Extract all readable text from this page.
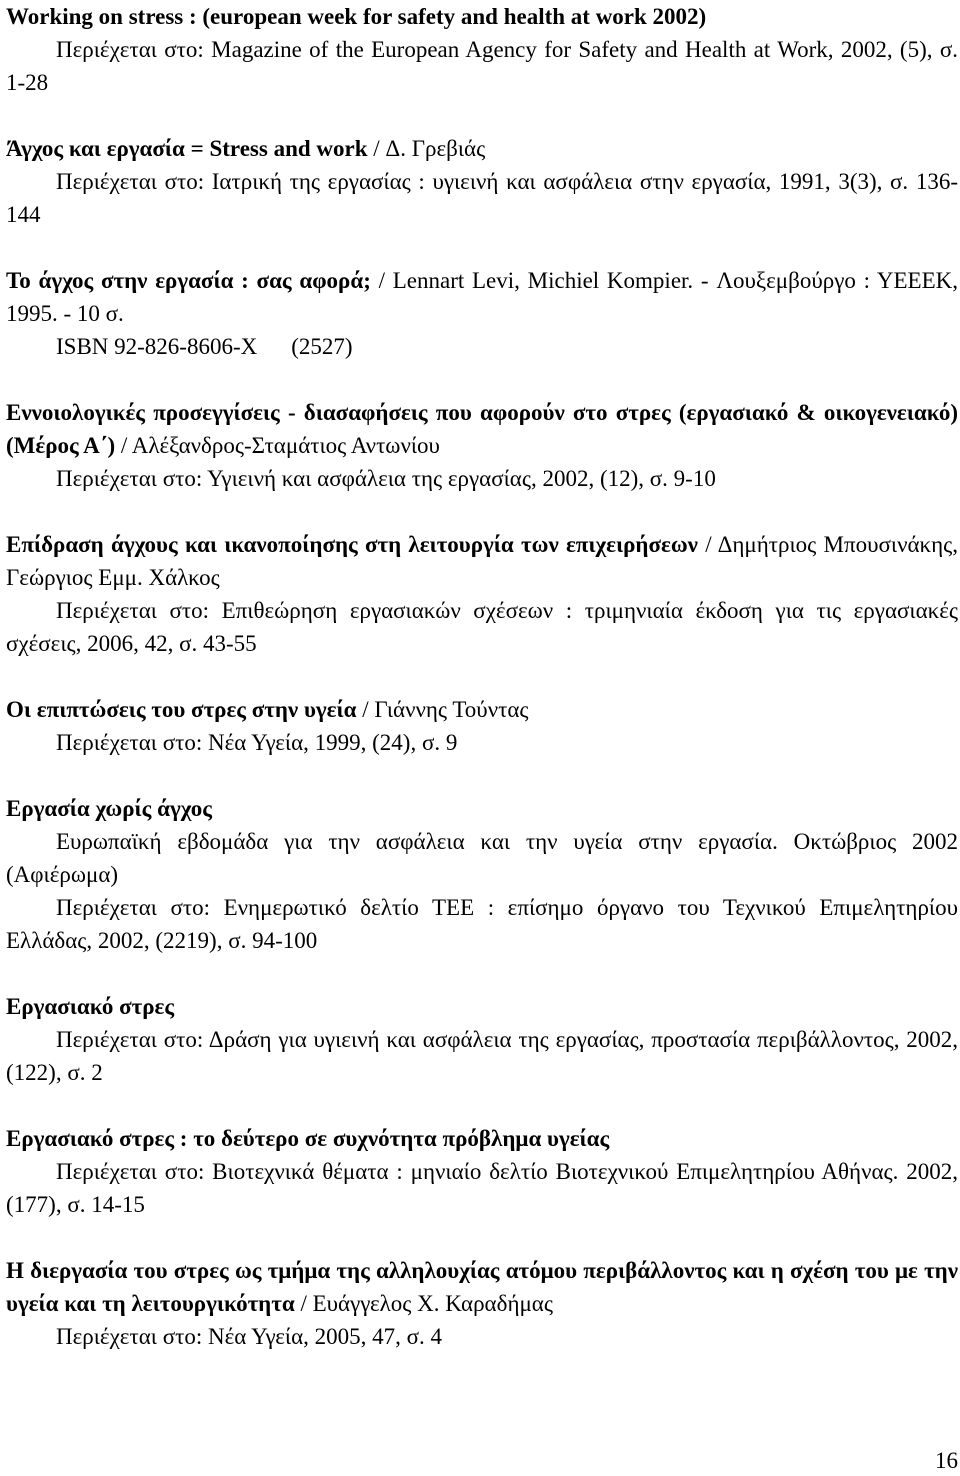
Working on stress : (european week for safety and health at work 2002)

Περιέχεται στο: Magazine of the European Agency for Safety and Health at Work, 2002, (5), σ. 1-28

Άγχος και εργασία = Stress and work / Δ. Γρεβιάς

Περιέχεται στο: Ιατρική της εργασίας : υγιεινή και ασφάλεια στην εργασία, 1991, 3(3), σ. 136-144

Το άγχος στην εργασία : σας αφορά; / Lennart Levi, Michiel Kompier. - Λουξεμβούργο : ΥΕΕΕΚ, 1995. - 10 σ.

ISBN 92-826-8606-X (2527)

Εννοιολογικές προσεγγίσεις - διασαφήσεις που αφορούν στο στρες (εργασιακό & οικογενειακό) (Μέρος Α΄) / Αλέξανδρος-Σταμάτιος Αντωνίου

Περιέχεται στο: Υγιεινή και ασφάλεια της εργασίας, 2002, (12), σ. 9-10

Επίδραση άγχους και ικανοποίησης στη λειτουργία των επιχειρήσεων / Δημήτριος Μπουσινάκης, Γεώργιος Εμμ. Χάλκος

Περιέχεται στο: Επιθεώρηση εργασιακών σχέσεων : τριμηνιαία έκδοση για τις εργασιακές σχέσεις, 2006, 42, σ. 43-55

Οι επιπτώσεις του στρες στην υγεία / Γιάννης Τούντας

Περιέχεται στο: Νέα Υγεία, 1999, (24), σ. 9

Εργασία χωρίς άγχος

Ευρωπαϊκή εβδομάδα για την ασφάλεια και την υγεία στην εργασία. Οκτώβριος 2002 (Αφιέρωμα)

Περιέχεται στο: Ενημερωτικό δελτίο ΤΕΕ : επίσημο όργανο του Τεχνικού Επιμελητηρίου Ελλάδας, 2002, (2219), σ. 94-100

Εργασιακό στρες

Περιέχεται στο: Δράση για υγιεινή και ασφάλεια της εργασίας, προστασία περιβάλλοντος, 2002, (122), σ. 2

Εργασιακό στρες : το δεύτερο σε συχνότητα πρόβλημα υγείας

Περιέχεται στο: Βιοτεχνικά θέματα : μηνιαίο δελτίο Βιοτεχνικού Επιμελητηρίου Αθήνας. 2002, (177), σ. 14-15

Η διεργασία του στρες ως τμήμα της αλληλουχίας ατόμου περιβάλλοντος και η σχέση του με την υγεία και τη λειτουργικότητα / Ευάγγελος Χ. Καραδήμας

Περιέχεται στο: Νέα Υγεία, 2005, 47, σ. 4

16
